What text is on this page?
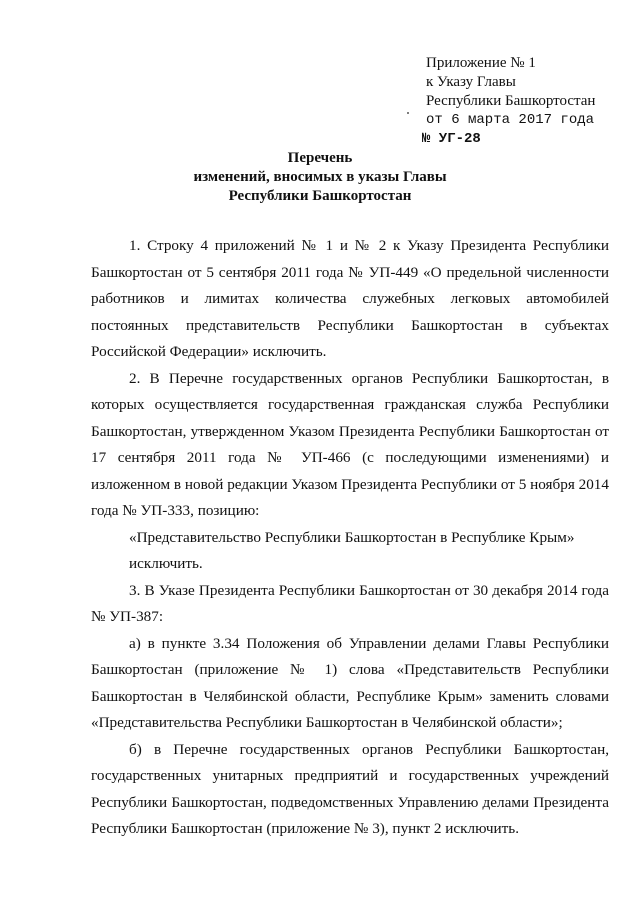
Приложение № 1
к Указу Главы
Республики Башкортостан
от 6 марта 2017 года
№ УГ-28
Перечень
изменений, вносимых в указы Главы
Республики Башкортостан

1. Строку 4 приложений № 1 и № 2 к Указу Президента Республики Башкортостан от 5 сентября 2011 года № УП-449 «О предельной численности работников и лимитах количества служебных легковых автомобилей постоянных представительств Республики Башкортостан в субъектах Российской Федерации» исключить.

2. В Перечне государственных органов Республики Башкортостан, в которых осуществляется государственная гражданская служба Республики Башкортостан, утвержденном Указом Президента Республики Башкортостан от 17 сентября 2011 года № УП-466 (с последующими изменениями) и изложенном в новой редакции Указом Президента Республики от 5 ноября 2014 года № УП-333, позицию:

«Представительство Республики Башкортостан в Республике Крым»

исключить.

3. В Указе Президента Республики Башкортостан от 30 декабря 2014 года № УП-387:

а) в пункте 3.34 Положения об Управлении делами Главы Республики Башкортостан (приложение № 1) слова «Представительств Республики Башкортостан в Челябинской области, Республике Крым» заменить словами «Представительства Республики Башкортостан в Челябинской области»;

б) в Перечне государственных органов Республики Башкортостан, государственных унитарных предприятий и государственных учреждений Республики Башкортостан, подведомственных Управлению делами Президента Республики Башкортостан (приложение № 3), пункт 2 исключить.
